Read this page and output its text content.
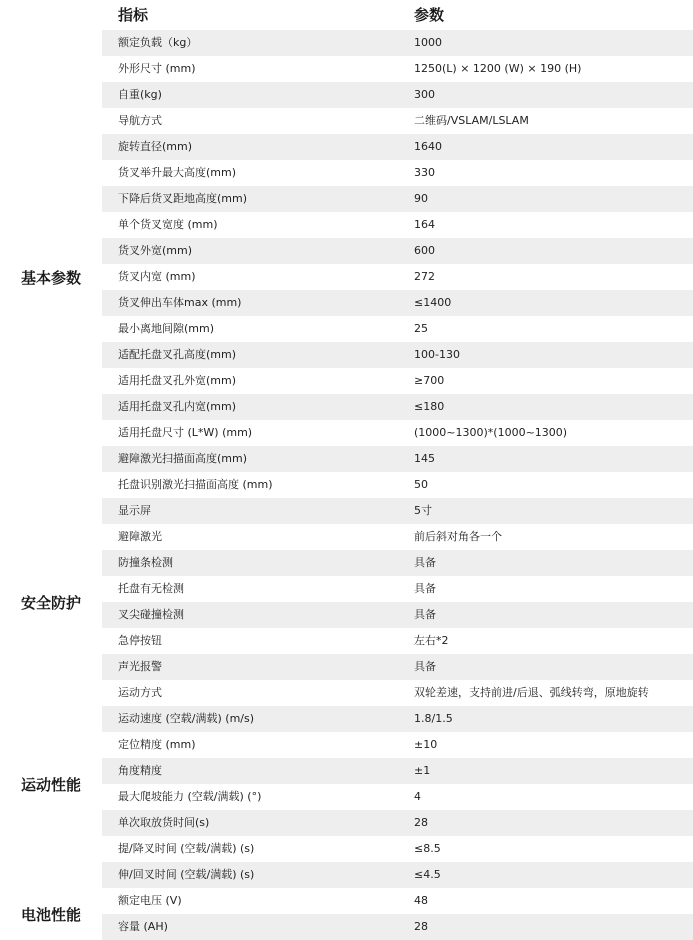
指标	参数
基本参数
额定负载（kg）	1000
外形尺寸 (mm)	1250(L) × 1200 (W) × 190 (H)
自重(kg)	300
导航方式	二维码/VSLAM/LSLAM
旋转直径(mm)	1640
货叉举升最大高度(mm)	330
下降后货叉距地高度(mm)	90
单个货叉宽度 (mm)	164
货叉外宽(mm)	600
货叉内宽 (mm)	272
货叉伸出车体max (mm)	≤1400
最小离地间隙(mm)	25
适配托盘叉孔高度(mm)	100-130
适用托盘叉孔外宽(mm)	≥700
适用托盘叉孔内宽(mm)	≤180
适用托盘尺寸 (L*W) (mm)	(1000~1300)*(1000~1300)
避障激光扫描面高度(mm)	145
托盘识别激光扫描面高度 (mm)	50
显示屏	5寸
安全防护
避障激光	前后斜对角各一个
防撞条检测	具备
托盘有无检测	具备
叉尖碰撞检测	具备
急停按钮	左右*2
声光报警	具备
运动性能
运动方式	双轮差速，支持前进/后退、弧线转弯，原地旋转
运动速度 (空载/满载) (m/s)	1.8/1.5
定位精度 (mm)	±10
角度精度	±1
最大爬坡能力 (空载/满载) (°)	4
单次取放货时间(s)	28
提/降叉时间 (空载/满载) (s)	≤8.5
伸/回叉时间 (空载/满载) (s)	≤4.5
电池性能
额定电压 (V)	48
容量 (AH)	28
